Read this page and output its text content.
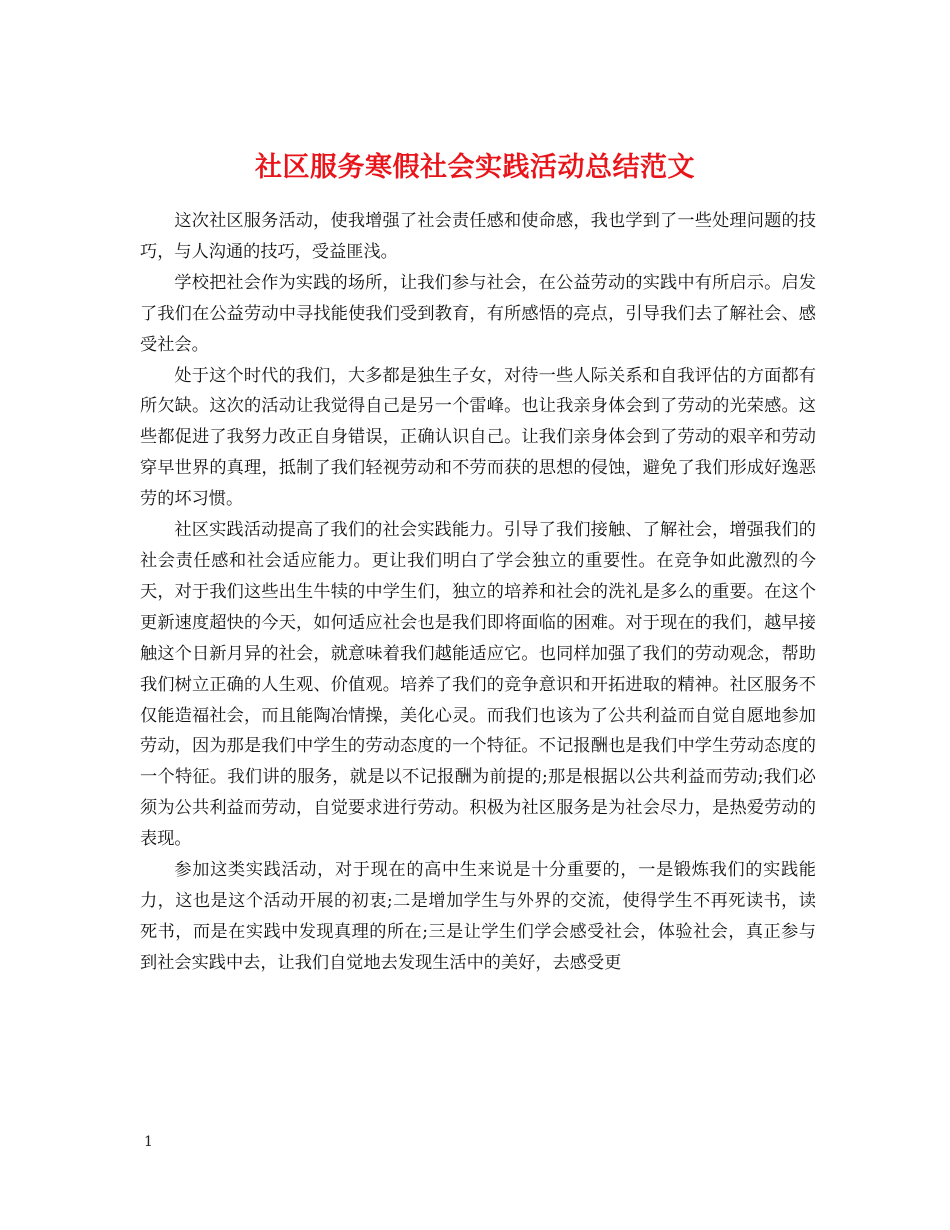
社区服务寒假社会实践活动总结范文

这次社区服务活动，使我增强了社会责任感和使命感，我也学到了一些处理问题的技巧，与人沟通的技巧，受益匪浅。

学校把社会作为实践的场所，让我们参与社会，在公益劳动的实践中有所启示。启发了我们在公益劳动中寻找能使我们受到教育，有所感悟的亮点，引导我们去了解社会、感受社会。

处于这个时代的我们，大多都是独生子女，对待一些人际关系和自我评估的方面都有所欠缺。这次的活动让我觉得自己是另一个雷峰。也让我亲身体会到了劳动的光荣感。这些都促进了我努力改正自身错误，正确认识自己。让我们亲身体会到了劳动的艰辛和劳动穿早世界的真理，抵制了我们轻视劳动和不劳而获的思想的侵蚀，避免了我们形成好逸恶劳的坏习惯。

社区实践活动提高了我们的社会实践能力。引导了我们接触、了解社会，增强我们的社会责任感和社会适应能力。更让我们明白了学会独立的重要性。在竞争如此激烈的今天，对于我们这些出生牛犊的中学生们，独立的培养和社会的洗礼是多么的重要。在这个更新速度超快的今天，如何适应社会也是我们即将面临的困难。对于现在的我们，越早接触这个日新月异的社会，就意味着我们越能适应它。也同样加强了我们的劳动观念，帮助我们树立正确的人生观、价值观。培养了我们的竞争意识和开拓进取的精神。社区服务不仅能造福社会，而且能陶冶情操，美化心灵。而我们也该为了公共利益而自觉自愿地参加劳动，因为那是我们中学生的劳动态度的一个特征。不记报酬也是我们中学生劳动态度的一个特征。我们讲的服务，就是以不记报酬为前提的;那是根据以公共利益而劳动;我们必须为公共利益而劳动，自觉要求进行劳动。积极为社区服务是为社会尽力，是热爱劳动的表现。

参加这类实践活动，对于现在的高中生来说是十分重要的，一是锻炼我们的实践能力，这也是这个活动开展的初衷;二是增加学生与外界的交流，使得学生不再死读书，读死书，而是在实践中发现真理的所在;三是让学生们学会感受社会，体验社会，真正参与到社会实践中去，让我们自觉地去发现生活中的美好，去感受更

1
